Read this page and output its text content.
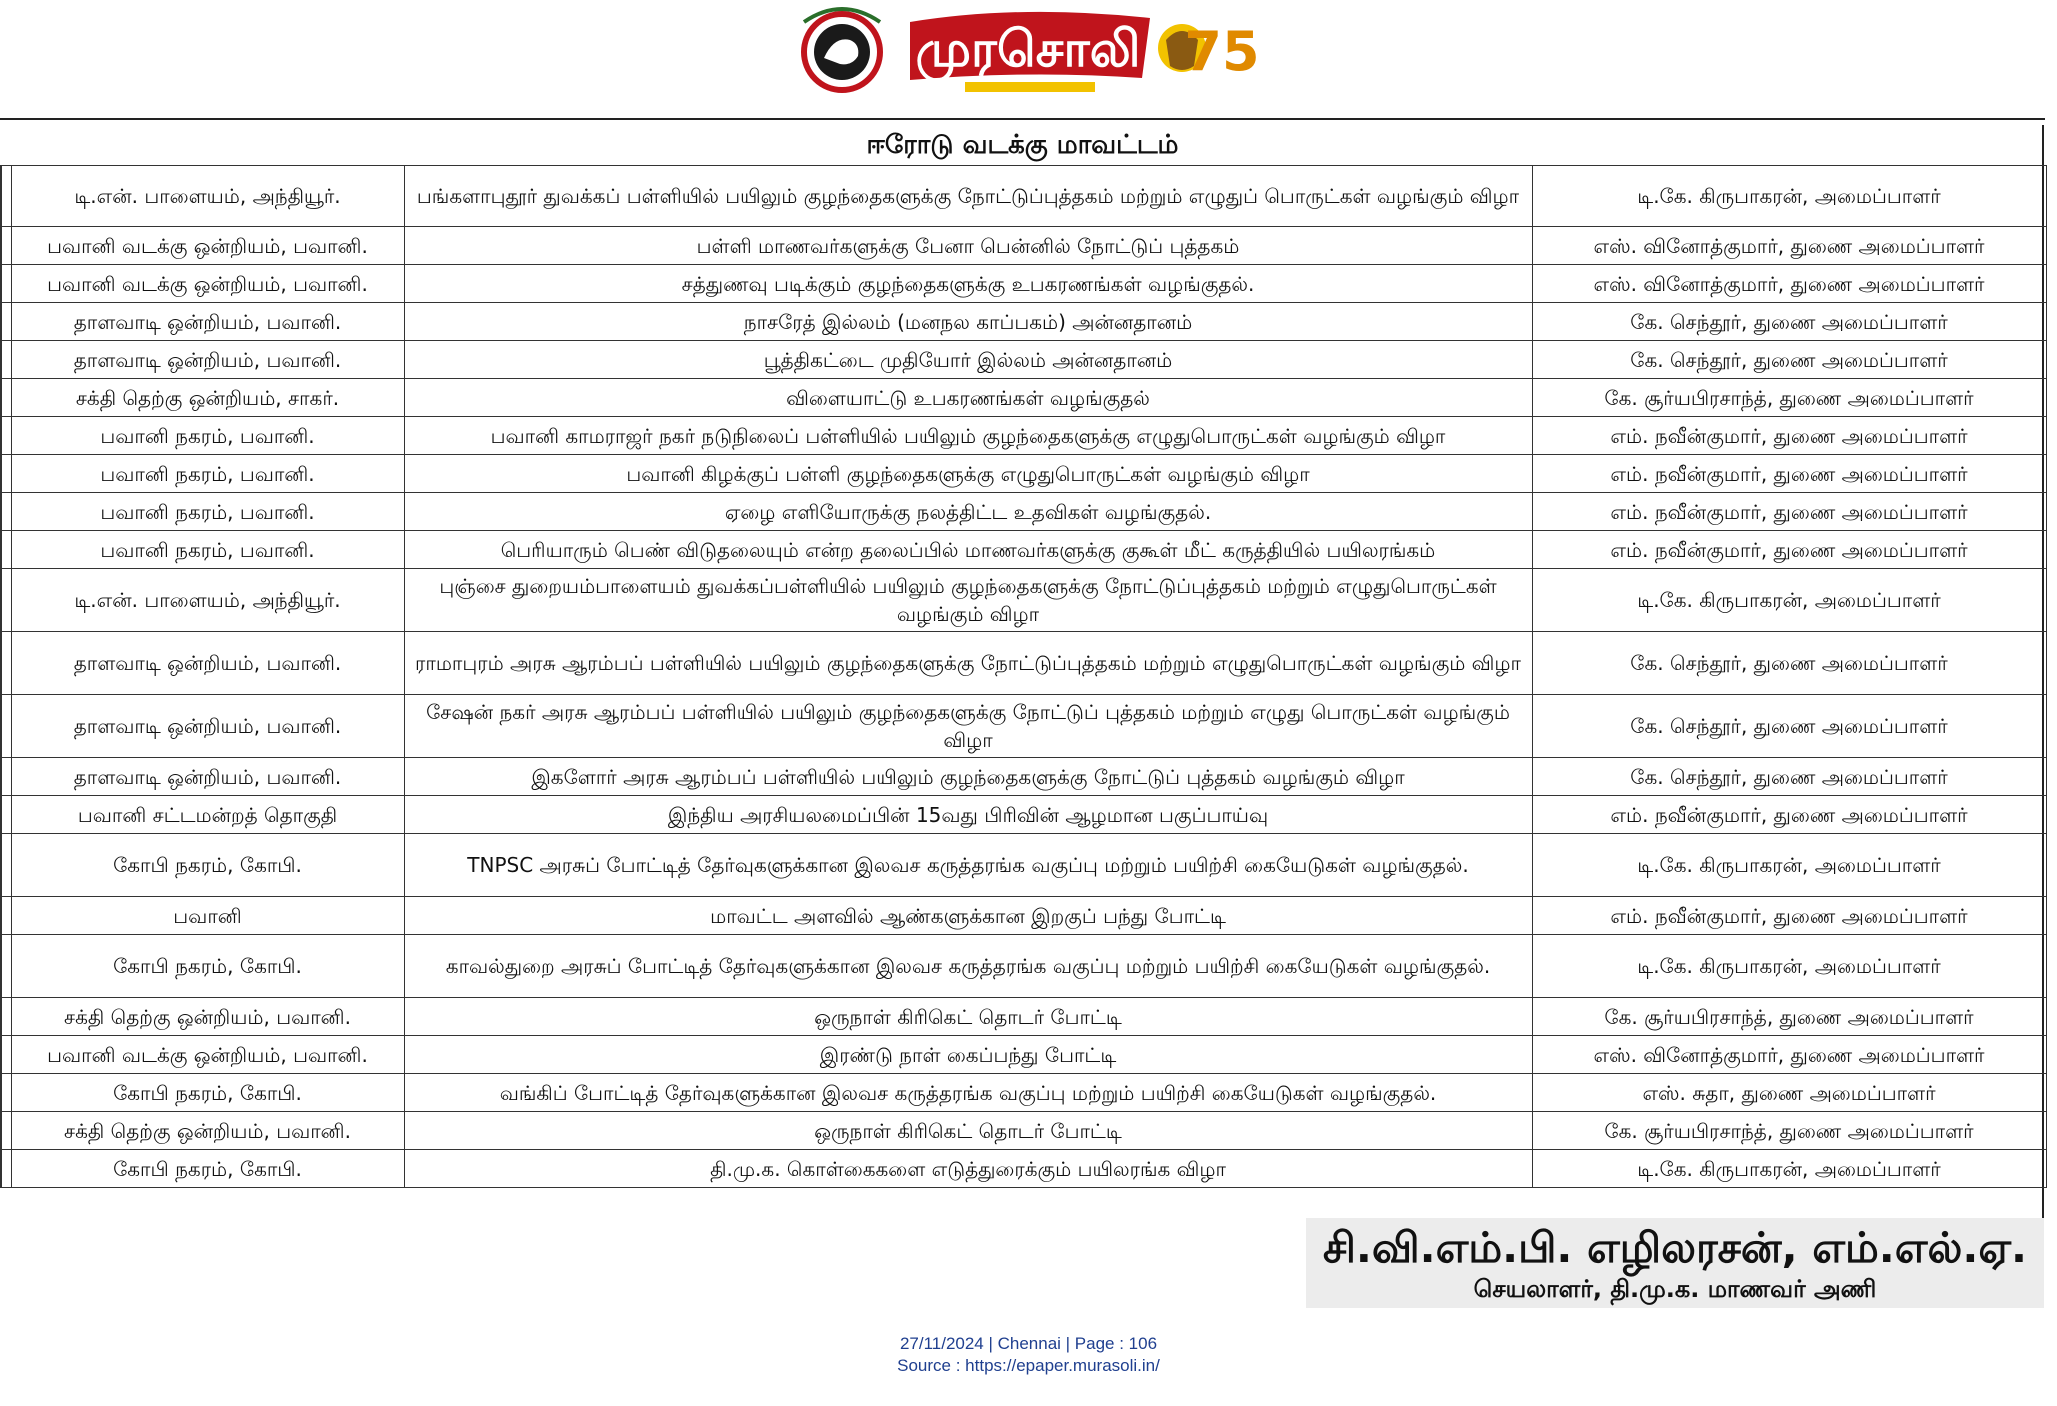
முரசொலி 75
ஈரோடு வடக்கு மாவட்டம்
	டி.என். பாளையம், அந்தியூர்.	பங்களாபுதூர் துவக்கப் பள்ளியில் பயிலும் குழந்தைகளுக்கு நோட்டுப்புத்தகம் மற்றும் எழுதுப் பொருட்கள் வழங்கும் விழா	டி.கே. கிருபாகரன், அமைப்பாளர்
	பவானி வடக்கு ஒன்றியம், பவானி.	பள்ளி மாணவர்களுக்கு பேனா பென்னில் நோட்டுப் புத்தகம்	எஸ். வினோத்குமார், துணை அமைப்பாளர்
	பவானி வடக்கு ஒன்றியம், பவானி.	சத்துணவு படிக்கும் குழந்தைகளுக்கு உபகரணங்கள் வழங்குதல்.	எஸ். வினோத்குமார், துணை அமைப்பாளர்
	தாளவாடி ஒன்றியம், பவானி.	நாசரேத் இல்லம் (மனநல காப்பகம்) அன்னதானம்	கே. செந்தூர், துணை அமைப்பாளர்
	தாளவாடி ஒன்றியம், பவானி.	பூத்திகட்டை முதியோர் இல்லம் அன்னதானம்	கே. செந்தூர், துணை அமைப்பாளர்
	சக்தி தெற்கு ஒன்றியம், சாகர்.	விளையாட்டு உபகரணங்கள் வழங்குதல்	கே. சூர்யபிரசாந்த், துணை அமைப்பாளர்
	பவானி நகரம், பவானி.	பவானி காமராஜர் நகர் நடுநிலைப் பள்ளியில் பயிலும் குழந்தைகளுக்கு எழுதுபொருட்கள் வழங்கும் விழா	எம். நவீன்குமார், துணை அமைப்பாளர்
	பவானி நகரம், பவானி.	பவானி கிழக்குப் பள்ளி குழந்தைகளுக்கு எழுதுபொருட்கள் வழங்கும் விழா	எம். நவீன்குமார், துணை அமைப்பாளர்
	பவானி நகரம், பவானி.	ஏழை எளியோருக்கு நலத்திட்ட உதவிகள் வழங்குதல்.	எம். நவீன்குமார், துணை அமைப்பாளர்
	பவானி நகரம், பவானி.	பெரியாரும் பெண் விடுதலையும் என்ற தலைப்பில் மாணவர்களுக்கு குகூள் மீட் கருத்தியில் பயிலரங்கம்	எம். நவீன்குமார், துணை அமைப்பாளர்
	டி.என். பாளையம், அந்தியூர்.	புஞ்சை துறையம்பாளையம் துவக்கப்பள்ளியில் பயிலும் குழந்தைகளுக்கு நோட்டுப்புத்தகம் மற்றும் எழுதுபொருட்கள் வழங்கும் விழா	டி.கே. கிருபாகரன், அமைப்பாளர்
	தாளவாடி ஒன்றியம், பவானி.	ராமாபுரம் அரசு ஆரம்பப் பள்ளியில் பயிலும் குழந்தைகளுக்கு நோட்டுப்புத்தகம் மற்றும் எழுதுபொருட்கள் வழங்கும் விழா	கே. செந்தூர், துணை அமைப்பாளர்
	தாளவாடி ஒன்றியம், பவானி.	சேஷன் நகர் அரசு ஆரம்பப் பள்ளியில் பயிலும் குழந்தைகளுக்கு நோட்டுப் புத்தகம் மற்றும் எழுது பொருட்கள் வழங்கும் விழா	கே. செந்தூர், துணை அமைப்பாளர்
	தாளவாடி ஒன்றியம், பவானி.	இகளோர் அரசு ஆரம்பப் பள்ளியில் பயிலும் குழந்தைகளுக்கு நோட்டுப் புத்தகம் வழங்கும் விழா	கே. செந்தூர், துணை அமைப்பாளர்
	பவானி சட்டமன்றத் தொகுதி	இந்திய அரசியலமைப்பின் 15வது பிரிவின் ஆழமான பகுப்பாய்வு	எம். நவீன்குமார், துணை அமைப்பாளர்
	கோபி நகரம், கோபி.	TNPSC அரசுப் போட்டித் தேர்வுகளுக்கான இலவச கருத்தரங்க வகுப்பு மற்றும் பயிற்சி கையேடுகள் வழங்குதல்.	டி.கே. கிருபாகரன், அமைப்பாளர்
	பவானி	மாவட்ட அளவில் ஆண்களுக்கான இறகுப் பந்து போட்டி	எம். நவீன்குமார், துணை அமைப்பாளர்
	கோபி நகரம், கோபி.	காவல்துறை அரசுப் போட்டித் தேர்வுகளுக்கான இலவச கருத்தரங்க வகுப்பு மற்றும் பயிற்சி கையேடுகள் வழங்குதல்.	டி.கே. கிருபாகரன், அமைப்பாளர்
	சக்தி தெற்கு ஒன்றியம், பவானி.	ஒருநாள் கிரிகெட் தொடர் போட்டி	கே. சூர்யபிரசாந்த், துணை அமைப்பாளர்
	பவானி வடக்கு ஒன்றியம், பவானி.	இரண்டு நாள் கைப்பந்து போட்டி	எஸ். வினோத்குமார், துணை அமைப்பாளர்
	கோபி நகரம், கோபி.	வங்கிப் போட்டித் தேர்வுகளுக்கான இலவச கருத்தரங்க வகுப்பு மற்றும் பயிற்சி கையேடுகள் வழங்குதல்.	எஸ். சுதா, துணை அமைப்பாளர்
	சக்தி தெற்கு ஒன்றியம், பவானி.	ஒருநாள் கிரிகெட் தொடர் போட்டி	கே. சூர்யபிரசாந்த், துணை அமைப்பாளர்
	கோபி நகரம், கோபி.	தி.மு.க. கொள்கைகளை எடுத்துரைக்கும் பயிலரங்க விழா	டி.கே. கிருபாகரன், அமைப்பாளர்
சி.வி.எம்.பி. எழிலரசன், எம்.எல்.ஏ.
செயலாளர், தி.மு.க. மாணவர் அணி
27/11/2024 | Chennai | Page : 106
Source : https://epaper.murasoli.in/
